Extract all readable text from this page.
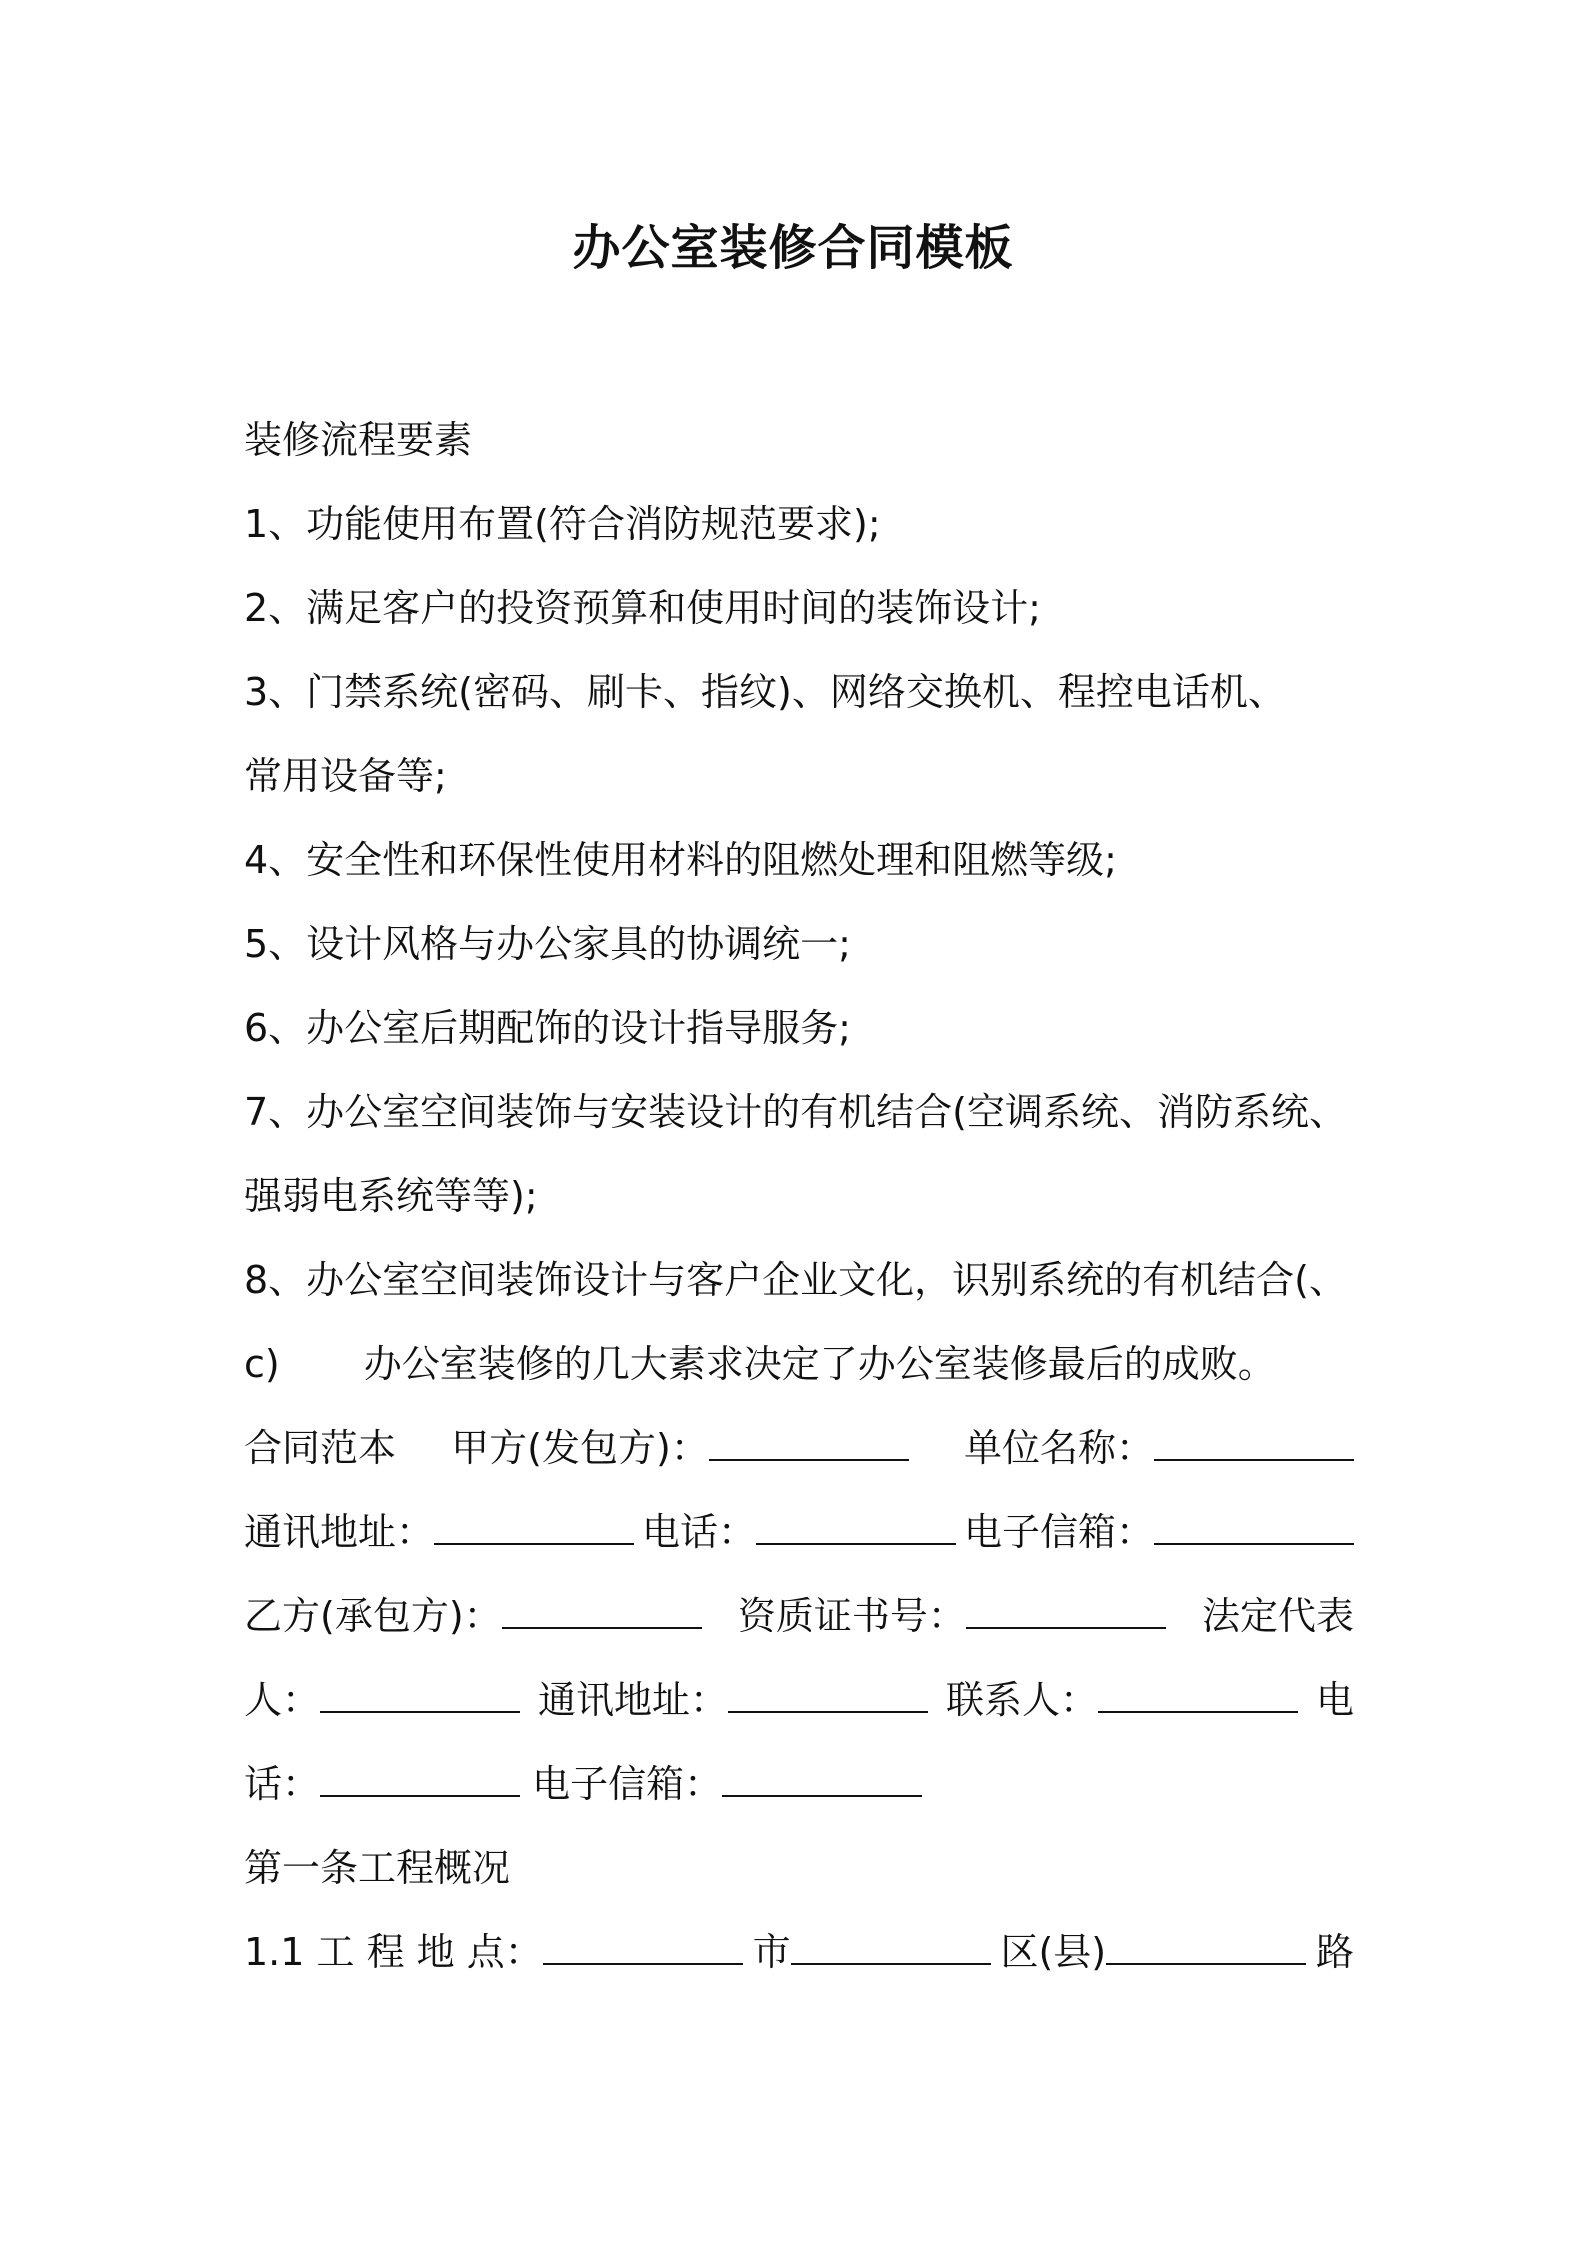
办公室装修合同模板
装修流程要素
1、功能使用布置(符合消防规范要求);
2、满足客户的投资预算和使用时间的装饰设计;
3、门禁系统(密码、刷卡、指纹)、网络交换机、程控电话机、
常用设备等;
4、安全性和环保性使用材料的阻燃处理和阻燃等级;
5、设计风格与办公家具的协调统一;
6、办公室后期配饰的设计指导服务;
7、办公室空间装饰与安装设计的有机结合(空调系统、消防系统、
强弱电系统等等);
8、办公室空间装饰设计与客户企业文化，识别系统的有机结合(、
c) 办公室装修的几大素求决定了办公室装修最后的成败。
合同范本 甲方(发包方)：	单位名称：
通讯地址：	电话：	电子信箱：
乙方(承包方)：	资质证书号：	法定代表
人：	通讯地址：	联系人：	电
话：
	电子信箱：
第一条工程概况
1.1 工 程 地 点：	市	区(县)	路
